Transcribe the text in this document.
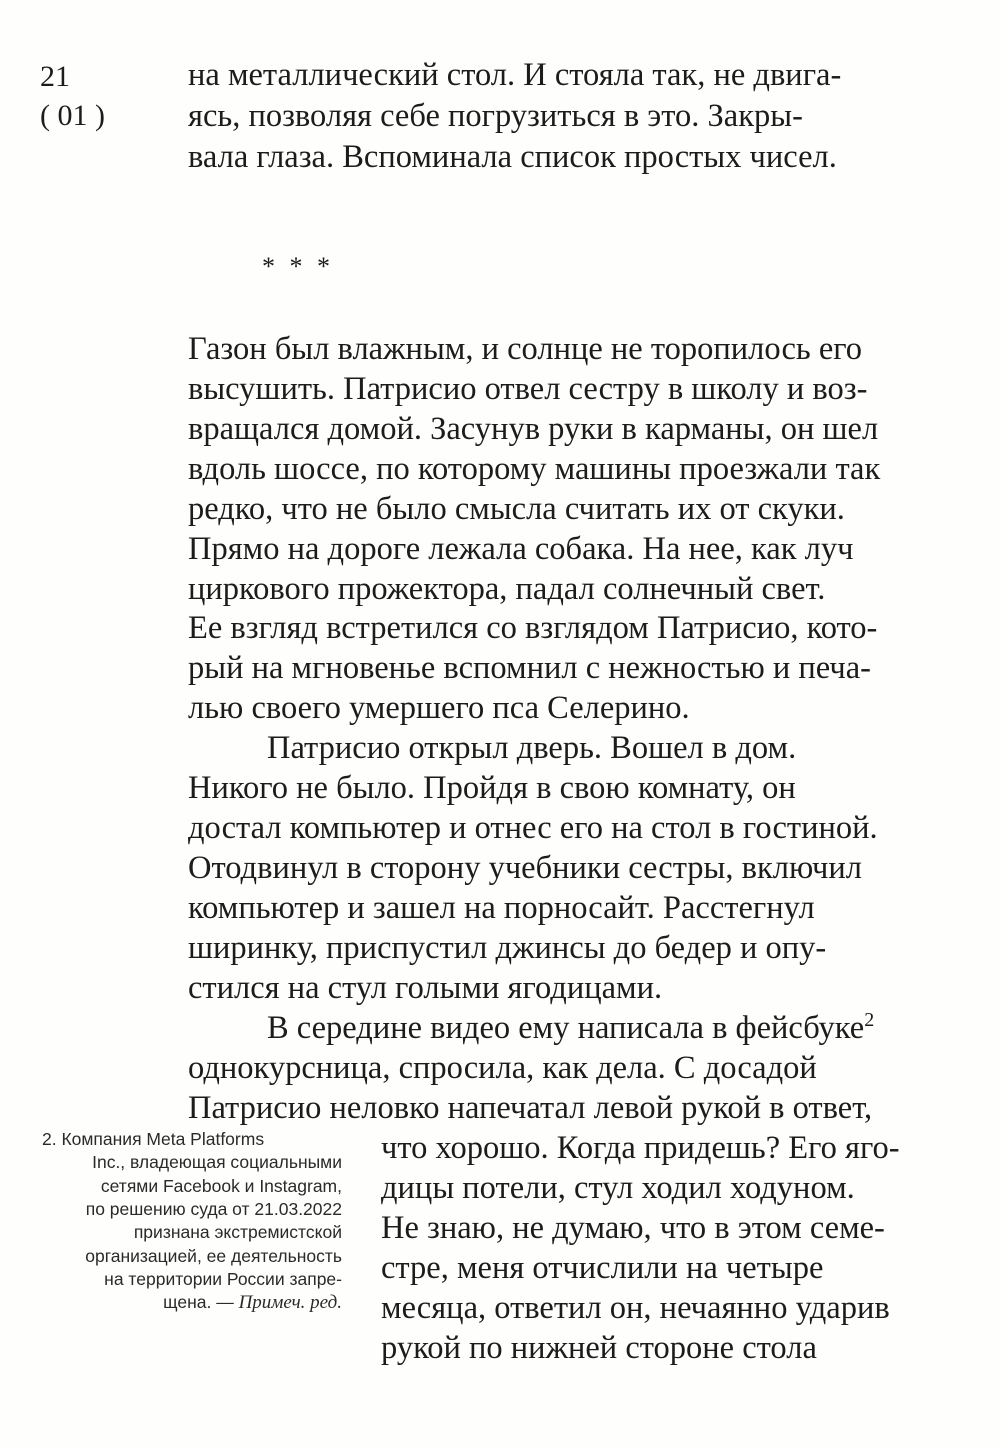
21
( 01 )
на металлический стол. И стояла так, не двига-
ясь, позволяя себе погрузиться в это. Закры-
вала глаза. Вспоминала список простых чисел.
* * *
Газон был влажным, и солнце не торопилось его
высушить. Патрисио отвел сестру в школу и воз-
вращался домой. Засунув руки в карманы, он шел
вдоль шоссе, по которому машины проезжали так
редко, что не было смысла считать их от скуки.
Прямо на дороге лежала собака. На нее, как луч
циркового прожектора, падал солнечный свет.
Ее взгляд встретился со взглядом Патрисио, кото-
рый на мгновенье вспомнил с нежностью и печа-
лью своего умершего пса Селерино.
Патрисио открыл дверь. Вошел в дом.
Никого не было. Пройдя в свою комнату, он
достал компьютер и отнес его на стол в гостиной.
Отодвинул в сторону учебники сестры, включил
компьютер и зашел на порносайт. Расстегнул
ширинку, приспустил джинсы до бедер и опу-
стился на стул голыми ягодицами.
В середине видео ему написала в фейсбуке$^2$
однокурсница, спросила, как дела. С досадой
Патрисио неловко напечатал левой рукой в ответ,
что хорошо. Когда придешь? Его яго-
дицы потели, стул ходил ходуном.
Не знаю, не думаю, что в этом семе-
стре, меня отчислили на четыре
месяца, ответил он, нечаянно ударив
рукой по нижней стороне стола
2. Компания Meta Platforms
Inc., владеющая социальными
сетями Facebook и Instagram,
по решению суда от 21.03.2022
признана экстремистской
организацией, ее деятельность
на территории России запре-
щена. — Примеч. ред.
